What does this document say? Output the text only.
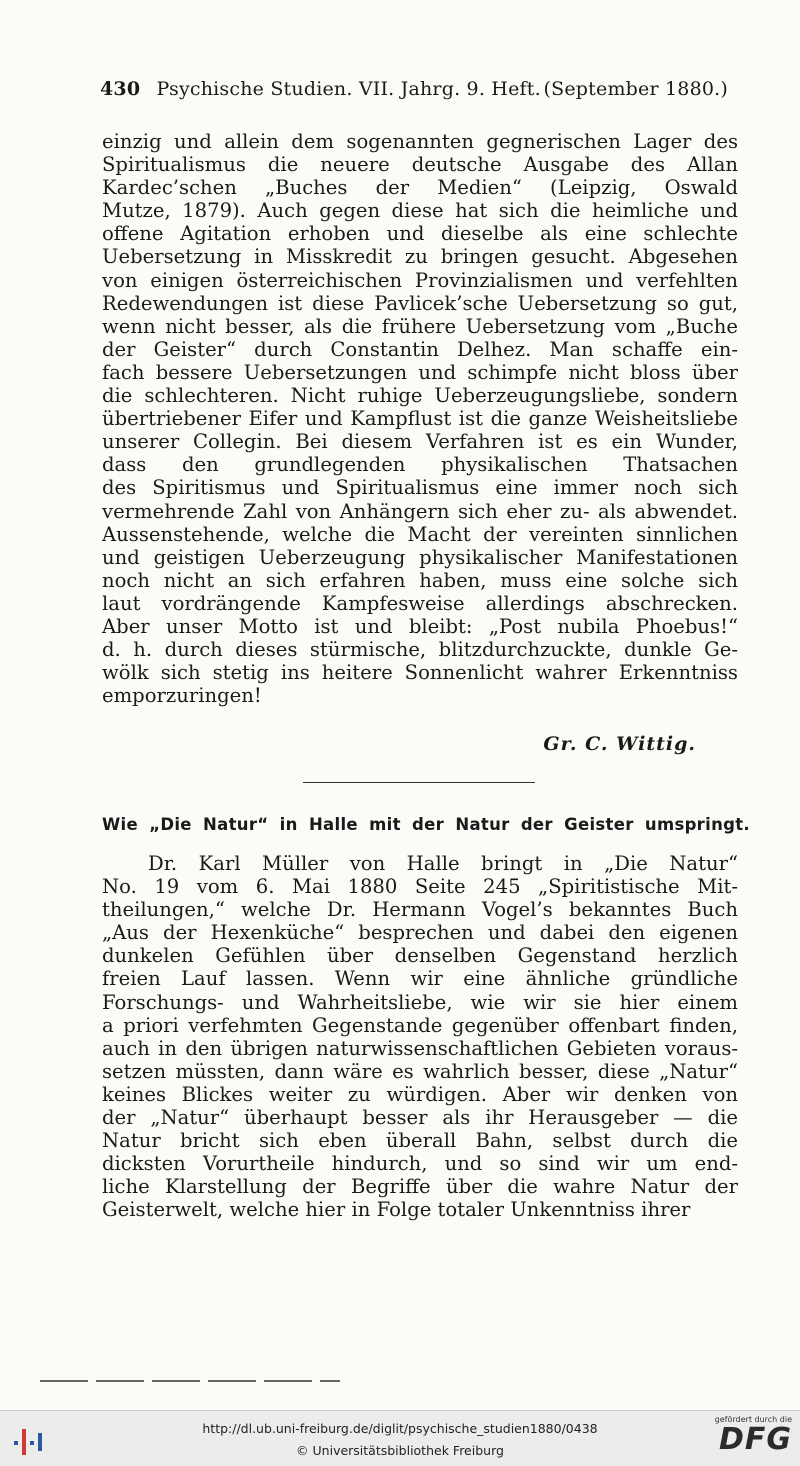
430 Psychische Studien. VII. Jahrg. 9. Heft. (September 1880.)
einzig und allein dem sogenannten gegnerischen Lager des
Spiritualismus die neuere deutsche Ausgabe des Allan
Kardec’schen „Buches der Medien“ (Leipzig, Oswald
Mutze, 1879). Auch gegen diese hat sich die heimliche und
offene Agitation erhoben und dieselbe als eine schlechte
Uebersetzung in Misskredit zu bringen gesucht. Abgesehen
von einigen österreichischen Provinzialismen und verfehlten
Redewendungen ist diese Pavlicek’sche Uebersetzung so gut,
wenn nicht besser, als die frühere Uebersetzung vom „Buche
der Geister“ durch Constantin Delhez. Man schaffe ein-
fach bessere Uebersetzungen und schimpfe nicht bloss über
die schlechteren. Nicht ruhige Ueberzeugungsliebe, sondern
übertriebener Eifer und Kampflust ist die ganze Weisheitsliebe
unserer Collegin. Bei diesem Verfahren ist es ein Wunder,
dass den grundlegenden physikalischen Thatsachen
des Spiritismus und Spiritualismus eine immer noch sich
vermehrende Zahl von Anhängern sich eher zu- als abwendet.
Aussenstehende, welche die Macht der vereinten sinnlichen
und geistigen Ueberzeugung physikalischer Manifestationen
noch nicht an sich erfahren haben, muss eine solche sich
laut vordrängende Kampfesweise allerdings abschrecken.
Aber unser Motto ist und bleibt: „Post nubila Phoebus!“
d. h. durch dieses stürmische, blitzdurchzuckte, dunkle Ge-
wölk sich stetig ins heitere Sonnenlicht wahrer Erkenntniss
emporzuringen!
Gr. C. Wittig.
Wie „Die Natur“ in Halle mit der Natur der Geister umspringt.
Dr. Karl Müller von Halle bringt in „Die Natur“
No. 19 vom 6. Mai 1880 Seite 245 „Spiritistische Mit-
theilungen,“ welche Dr. Hermann Vogel’s bekanntes Buch
„Aus der Hexenküche“ besprechen und dabei den eigenen
dunkelen Gefühlen über denselben Gegenstand herzlich
freien Lauf lassen. Wenn wir eine ähnliche gründliche
Forschungs- und Wahrheitsliebe, wie wir sie hier einem
a priori verfehmten Gegenstande gegenüber offenbart finden,
auch in den übrigen naturwissenschaftlichen Gebieten voraus-
setzen müssten, dann wäre es wahrlich besser, diese „Natur“
keines Blickes weiter zu würdigen. Aber wir denken von
der „Natur“ überhaupt besser als ihr Herausgeber — die
Natur bricht sich eben überall Bahn, selbst durch die
dicksten Vorurtheile hindurch, und so sind wir um end-
liche Klarstellung der Begriffe über die wahre Natur der
Geisterwelt, welche hier in Folge totaler Unkenntniss ihrer
http://dl.ub.uni-freiburg.de/diglit/psychische_studien1880/0438
© Universitätsbibliothek Freiburg
gefördert durch die
DFG
